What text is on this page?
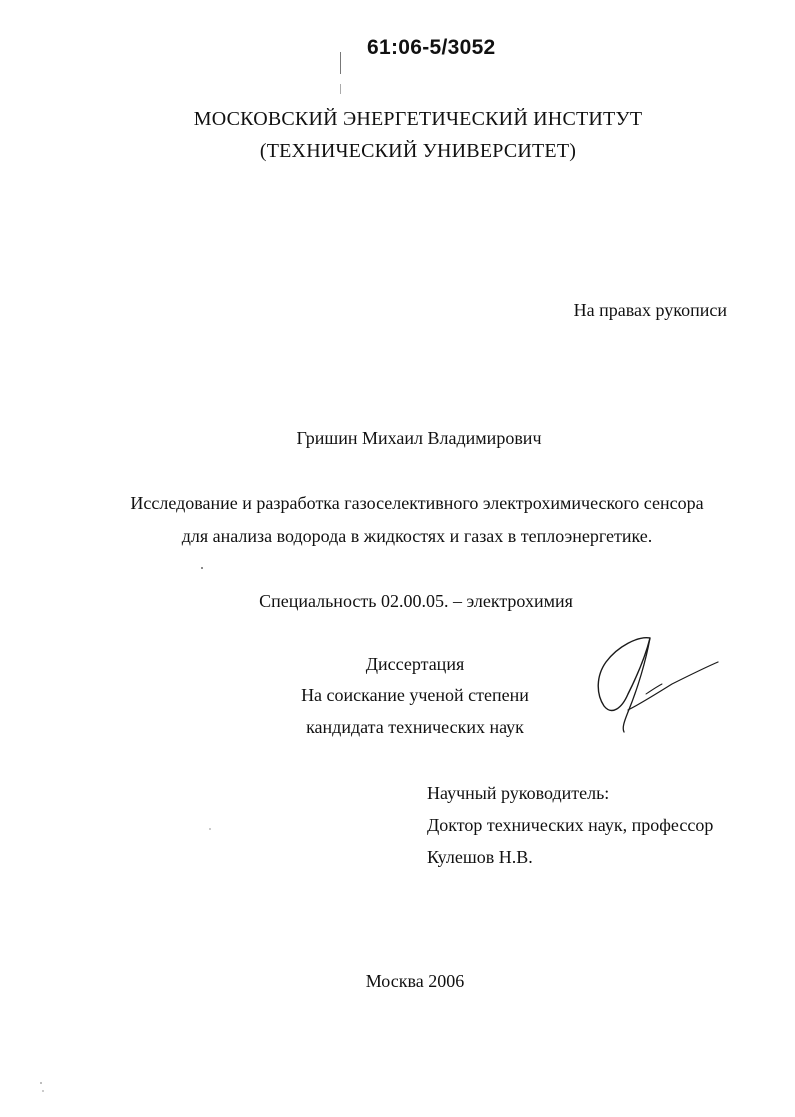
61:06-5/3052
МОСКОВСКИЙ ЭНЕРГЕТИЧЕСКИЙ ИНСТИТУТ
(ТЕХНИЧЕСКИЙ УНИВЕРСИТЕТ)
На правах рукописи
Гришин Михаил Владимирович
Исследование и разработка газоселективного электрохимического сенсора
для анализа водорода в жидкостях и газах в теплоэнергетике.
Специальность 02.00.05. – электрохимия
Диссертация
На соискание ученой степени
кандидата технических наук
Научный руководитель:
Доктор технических наук, профессор
Кулешов Н.В.
Москва 2006
